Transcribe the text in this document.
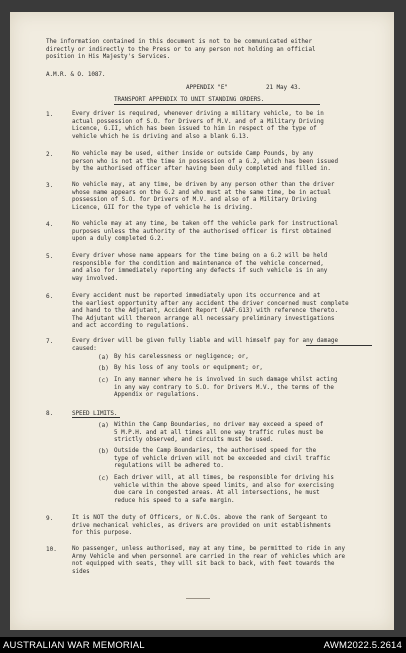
The information contained in this document is not to be communicated either
directly or indirectly to the Press or to any person not holding an official
position in His Majesty's Services.
A.M.R. & O. 1087.
APPENDIX "E"	21 May 43.
TRANSPORT APPENDIX TO UNIT STANDING ORDERS.
1.	Every driver is required, whenever driving a military vehicle, to be in
actual possession of S.O. for Drivers of M.V. and of a Military Driving
Licence, G.II, which has been issued to him in respect of the type of
vehicle which he is driving and also a blank G.13.
2.	No vehicle may be used, either inside or outside Camp Pounds, by any
person who is not at the time in possession of a G.2, which has been issued
by the authorised officer after having been duly completed and filled in.
3.	No vehicle may, at any time, be driven by any person other than the driver
whose name appears on the G.2 and who must at the same time, be in actual
possession of S.O. for Drivers of M.V. and also of a Military Driving
Licence, GII for the type of vehicle he is driving.
4.	No vehicle may at any time, be taken off the vehicle park for instructional
purposes unless the authority of the authorised officer is first obtained
upon a duly completed G.2.
5.	Every driver whose name appears for the time being on a G.2 will be held
responsible for the condition and maintenance of the vehicle concerned,
and also for immediately reporting any defects if such vehicle is in any
way involved.
6.	Every accident must be reported immediately upon its occurrence and at
the earliest opportunity after any accident the driver concerned must complete
and hand to the Adjutant, Accident Report (AAF.G13) with reference thereto.
The Adjutant will thereon arrange all necessary preliminary investigations
and act according to regulations.
7.	Every driver will be given fully liable and will himself pay for any damage
caused:
(a) By his carelessness or negligence; or,
(b) By his loss of any tools or equipment; or,
(c) In any manner where he is involved in such damage whilst acting
in any way contrary to S.O. for Drivers M.V., the terms of the
Appendix or regulations.
8.	SPEED LIMITS.
(a) Within the Camp Boundaries, no driver may exceed a speed of
5 M.P.H. and at all times all one way traffic rules must be
strictly observed, and circuits must be used.
(b) Outside the Camp Boundaries, the authorised speed for the
type of vehicle driven will not be exceeded and civil traffic
regulations will be adhered to.
(c) Each driver will, at all times, be responsible for driving his
vehicle within the above speed limits, and also for exercising
due care in congested areas. At all intersections, he must
reduce his speed to a safe margin.
9.	It is NOT the duty of Officers, or N.C.Os. above the rank of Sergeant to
drive mechanical vehicles, as drivers are provided on unit establishments
for this purpose.
10.	No passenger, unless authorised, may at any time, be permitted to ride in any
Army Vehicle and when personnel are carried in the rear of vehicles which are
not equipped with seats, they will sit back to back, with feet towards the
sides
AUSTRALIAN WAR MEMORIAL	AWM2022.5.2614
